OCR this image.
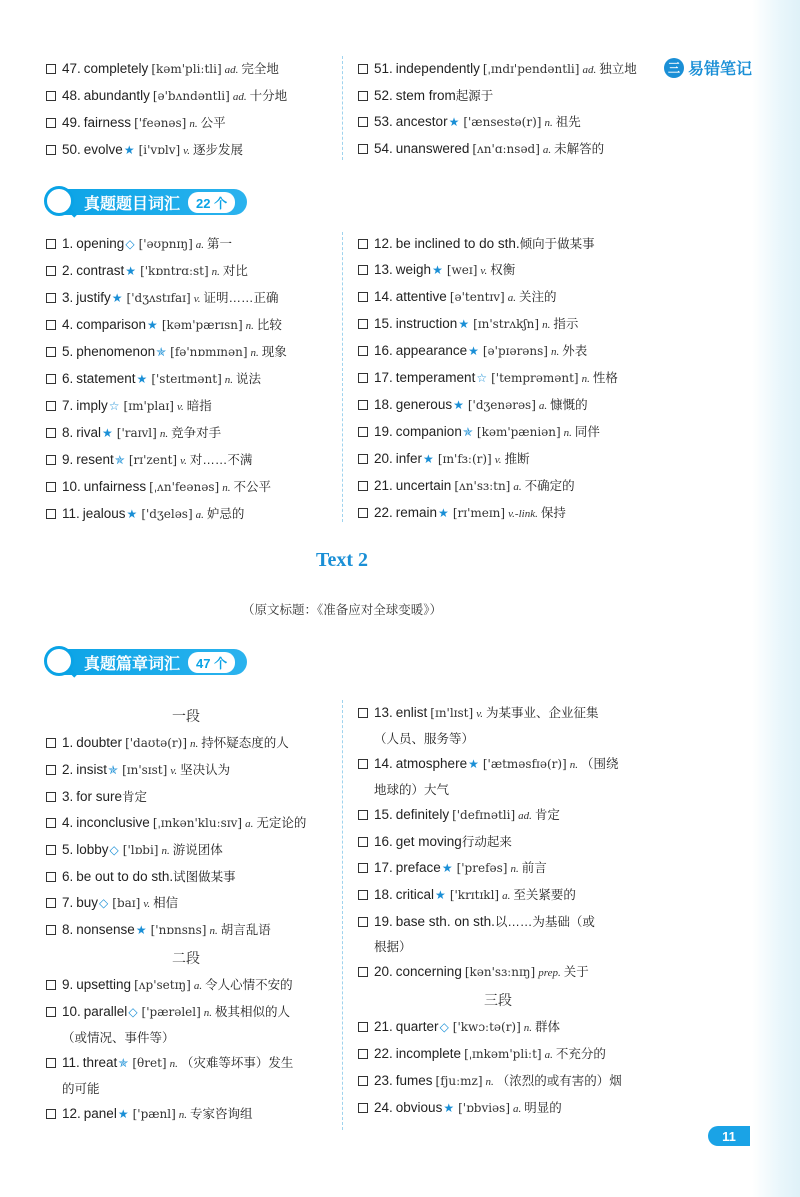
三 易错笔记
47. completely [kəm'pliːtli] ad. 完全地
48. abundantly [ə'bʌndəntli] ad. 十分地
49. fairness ['feənəs] n. 公平
50. evolve★ [i'vɒlv] v. 逐步发展
51. independently [ˌɪndɪ'pendəntli] ad. 独立地
52. stem from起源于
53. ancestor★ ['ænsestə(r)] n. 祖先
54. unanswered [ʌn'ɑːnsəd] a. 未解答的
真题题目词汇	22 个
1. opening◇ ['əʊpnɪŋ] a. 第一
2. contrast★ ['kɒntrɑːst] n. 对比
3. justify★ ['dʒʌstɪfaɪ] v. 证明……正确
4. comparison★ [kəm'pærɪsn] n. 比较
5. phenomenon✯ [fə'nɒmɪnən] n. 现象
6. statement★ ['steɪtmənt] n. 说法
7. imply☆ [ɪm'plaɪ] v. 暗指
8. rival★ ['raɪvl] n. 竞争对手
9. resent✯ [rɪ'zent] v. 对……不满
10. unfairness [ˌʌn'feənəs] n. 不公平
11. jealous★ ['dʒeləs] a. 妒忌的
12. be inclined to do sth.倾向于做某事
13. weigh★ [weɪ] v. 权衡
14. attentive [ə'tentɪv] a. 关注的
15. instruction★ [ɪn'strʌkʃn] n. 指示
16. appearance★ [ə'pɪərəns] n. 外表
17. temperament☆ ['temprəmənt] n. 性格
18. generous★ ['dʒenərəs] a. 慷慨的
19. companion✯ [kəm'pæniən] n. 同伴
20. infer★ [ɪn'fɜː(r)] v. 推断
21. uncertain [ʌn'sɜːtn] a. 不确定的
22. remain★ [rɪ'meɪn] v.-link. 保持
Text 2
（原文标题：《准备应对全球变暖》）
真题篇章词汇	47 个
一段
1. doubter ['daʊtə(r)] n. 持怀疑态度的人
2. insist✯ [ɪn'sɪst] v. 坚决认为
3. for sure肯定
4. inconclusive [ˌɪnkən'kluːsɪv] a. 无定论的
5. lobby◇ ['lɒbi] n. 游说团体
6. be out to do sth.试图做某事
7. buy◇ [baɪ] v. 相信
8. nonsense★ ['nɒnsns] n. 胡言乱语
二段
9. upsetting [ʌp'setɪŋ] a. 令人心情不安的
10. parallel◇ ['pærəlel] n. 极其相似的人
（或情况、事件等）
11. threat✯ [θret] n. （灾难等坏事）发生
的可能
12. panel★ ['pænl] n. 专家咨询组
13. enlist [ɪn'lɪst] v. 为某事业、企业征集
（人员、服务等）
14. atmosphere★ ['ætməsfɪə(r)] n. （围绕
地球的）大气
15. definitely ['defɪnətli] ad. 肯定
16. get moving行动起来
17. preface★ ['prefəs] n. 前言
18. critical★ ['krɪtɪkl] a. 至关紧要的
19. base sth. on sth.以……为基础（或
根据）
20. concerning [kən'sɜːnɪŋ] prep. 关于
三段
21. quarter◇ ['kwɔːtə(r)] n. 群体
22. incomplete [ˌɪnkəm'pliːt] a. 不充分的
23. fumes [fjuːmz] n. （浓烈的或有害的）烟
24. obvious★ ['ɒbviəs] a. 明显的
11
